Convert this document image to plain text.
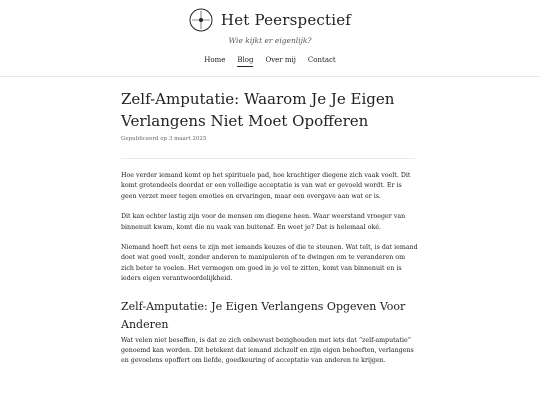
Het Peerspectief
Wie kijkt er eigenlijk?
Home Blog Over mij Contact
Zelf-Amputatie: Waarom Je Je Eigen Verlangens Niet Moet Opofferen
Gepubliceerd op 3 maart 2025

Hoe verder iemand komt op het spirituele pad, hoe krachtiger diegene zich vaak voelt. Dit komt grotendeels doordat er een volledige acceptatie is van wat er gevoeld wordt. Er is geen verzet meer tegen emoties en ervaringen, maar een overgave aan wat er is.

Dit kan echter lastig zijn voor de mensen om diegene heen. Waar weerstand vroeger van binnenuit kwam, komt die nu vaak van buitenaf. En weet je? Dat is helemaal oké.

Niemand hoeft het eens te zijn met iemands keuzes of die te steunen. Wat telt, is dat iemand doet wat goed voelt, zonder anderen te manipuleren of te dwingen om te veranderen om zich beter te voelen. Het vermogen om goed in je vel te zitten, komt van binnenuit en is ieders eigen verantwoordelijkheid.

Zelf-Amputatie: Je Eigen Verlangens Opgeven Voor Anderen

Wat velen niet beseffen, is dat ze zich onbewust bezighouden met iets dat “zelf-amputatie” genoemd kan worden. Dit betekent dat iemand zichzelf en zijn eigen behoeften, verlangens en gevoelens opoffert om liefde, goedkeuring of acceptatie van anderen te krijgen.
